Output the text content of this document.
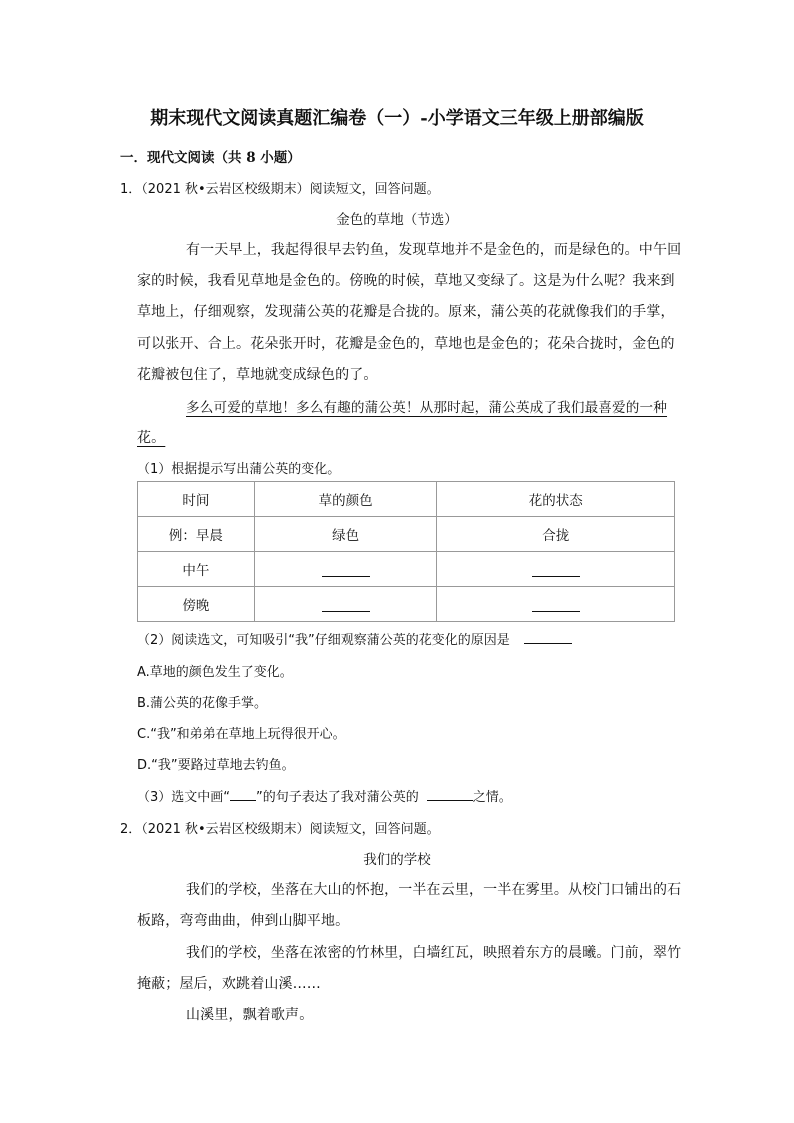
期末现代文阅读真题汇编卷（一）-小学语文三年级上册部编版
一．现代文阅读（共 8 小题）
1．（2021 秋•云岩区校级期末）阅读短文，回答问题。
金色的草地（节选）
有一天早上，我起得很早去钓鱼，发现草地并不是金色的，而是绿色的。中午回
家的时候，我看见草地是金色的。傍晚的时候，草地又变绿了。这是为什么呢？我来到
草地上，仔细观察，发现蒲公英的花瓣是合拢的。原来，蒲公英的花就像我们的手掌，
可以张开、合上。花朵张开时，花瓣是金色的，草地也是金色的；花朵合拢时，金色的
花瓣被包住了，草地就变成绿色的了。
多么可爱的草地！多么有趣的蒲公英！从那时起，蒲公英成了我们最喜爱的一种
花。
（1）根据提示写出蒲公英的变化。
时间	草的颜色	花的状态
例：早晨	绿色	合拢
中午		
傍晚		
（2）阅读选文，可知吸引“我”仔细观察蒲公英的花变化的原因是
A.草地的颜色发生了变化。
B.蒲公英的花像手掌。
C.“我”和弟弟在草地上玩得很开心。
D.“我”要路过草地去钓鱼。
（3）选文中画“ ”的句子表达了我对蒲公英的	之情。
2．（2021 秋•云岩区校级期末）阅读短文，回答问题。
我们的学校
我们的学校，坐落在大山的怀抱，一半在云里，一半在雾里。从校门口铺出的石
板路，弯弯曲曲，伸到山脚平地。
我们的学校，坐落在浓密的竹林里，白墙红瓦，映照着东方的晨曦。门前，翠竹
掩蔽；屋后，欢跳着山溪……
山溪里，飘着歌声。
